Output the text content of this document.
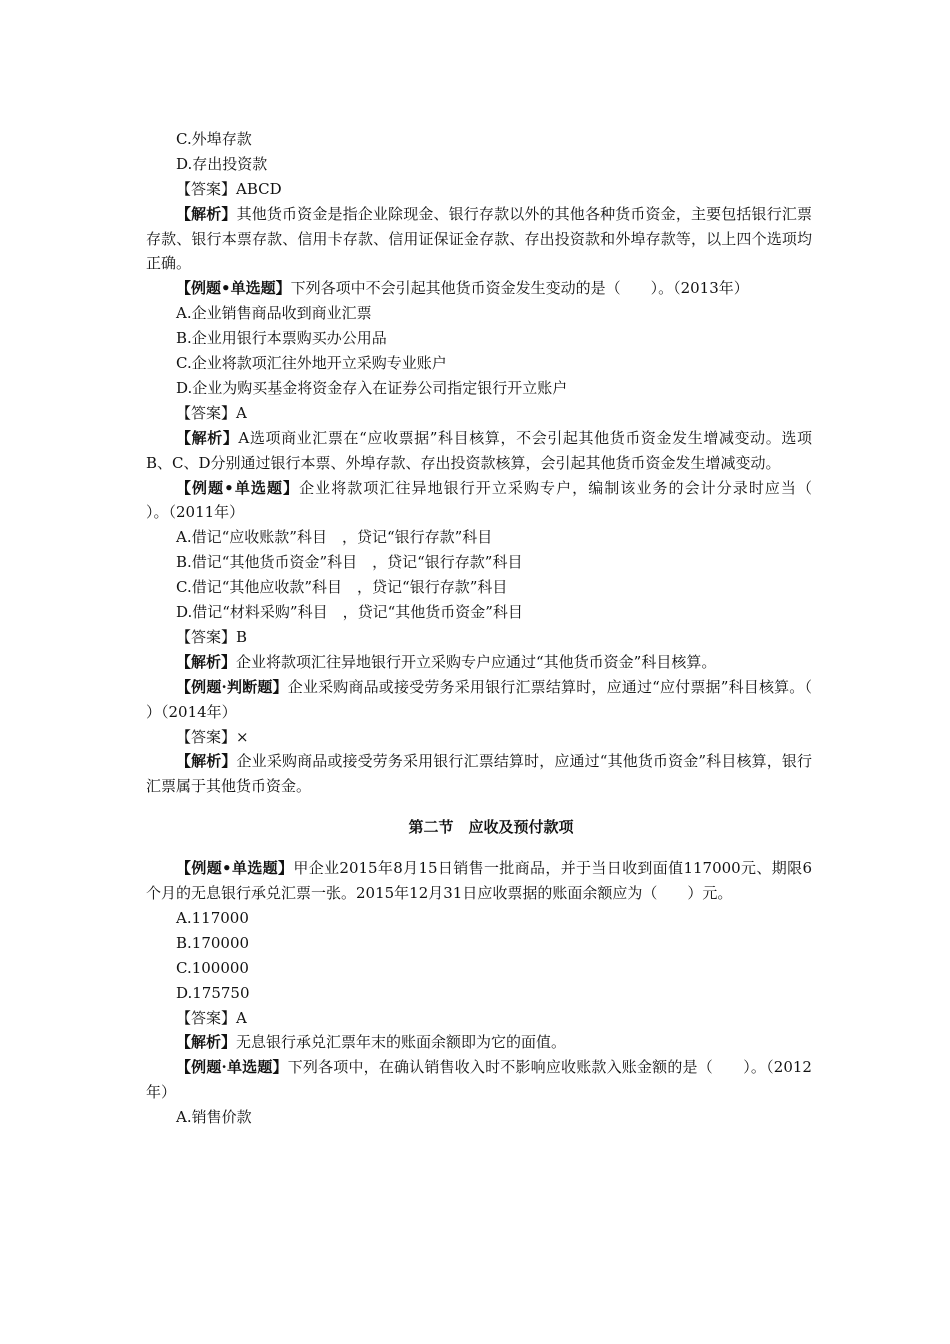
C.外埠存款
D.存出投资款
【答案】ABCD
【解析】其他货币资金是指企业除现金、银行存款以外的其他各种货币资金，主要包括银行汇票存款、银行本票存款、信用卡存款、信用证保证金存款、存出投资款和外埠存款等，以上四个选项均正确。
【例题•单选题】下列各项中不会引起其他货币资金发生变动的是（　　）。（2013年）
A.企业销售商品收到商业汇票
B.企业用银行本票购买办公用品
C.企业将款项汇往外地开立采购专业账户
D.企业为购买基金将资金存入在证券公司指定银行开立账户
【答案】A
【解析】A选项商业汇票在“应收票据”科目核算，不会引起其他货币资金发生增减变动。选项B、C、D分别通过银行本票、外埠存款、存出投资款核算，会引起其他货币资金发生增减变动。
【例题•单选题】企业将款项汇往异地银行开立采购专户，编制该业务的会计分录时应当（　　）。（2011年）
A.借记“应收账款”科目　，贷记“银行存款”科目
B.借记“其他货币资金”科目　，贷记“银行存款”科目
C.借记“其他应收款”科目　，贷记“银行存款”科目
D.借记“材料采购”科目　，贷记“其他货币资金”科目
【答案】B
【解析】企业将款项汇往异地银行开立采购专户应通过“其他货币资金”科目核算。
【例题·判断题】企业采购商品或接受劳务采用银行汇票结算时，应通过“应付票据”科目核算。（　　）（2014年）
【答案】×
【解析】企业采购商品或接受劳务采用银行汇票结算时，应通过“其他货币资金”科目核算，银行汇票属于其他货币资金。
第二节　应收及预付款项
【例题•单选题】甲企业2015年8月15日销售一批商品，并于当日收到面值117000元、期限6个月的无息银行承兑汇票一张。2015年12月31日应收票据的账面余额应为（　　）元。
A.117000
B.170000
C.100000
D.175750
【答案】A
【解析】无息银行承兑汇票年末的账面余额即为它的面值。
【例题·单选题】下列各项中，在确认销售收入时不影响应收账款入账金额的是（　　）。（2012年）
A.销售价款
